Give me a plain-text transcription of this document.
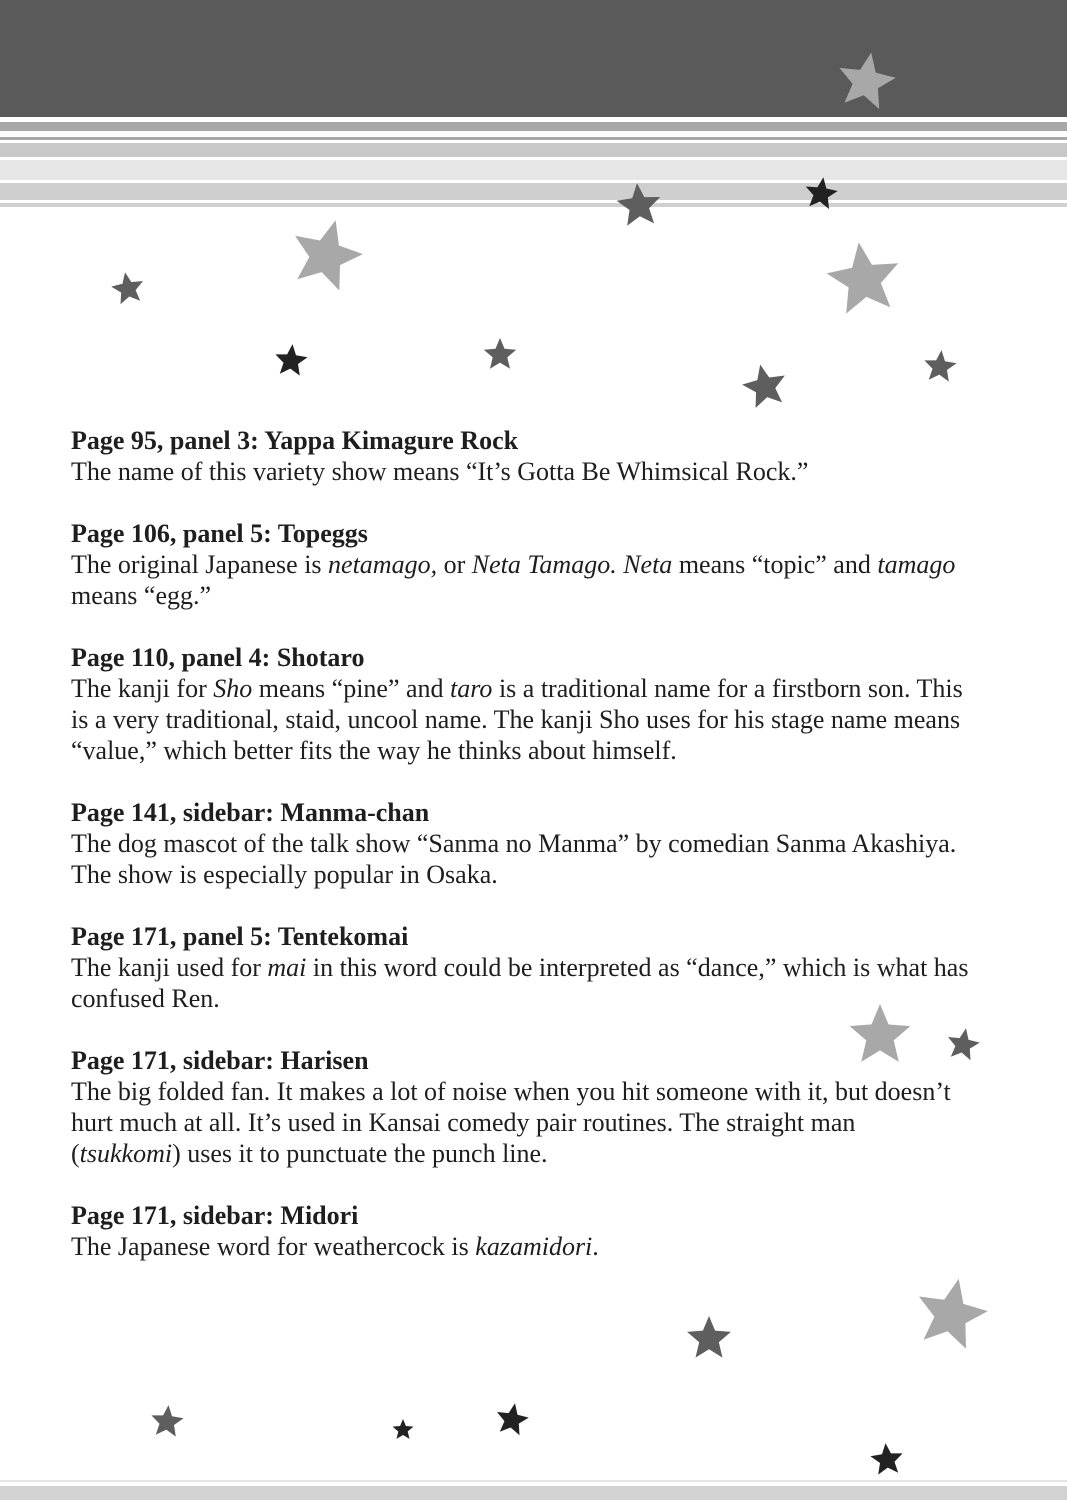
Page 95, panel 3: Yappa Kimagure Rock
The name of this variety show means “It’s Gotta Be Whimsical Rock.”
Page 106, panel 5: Topeggs
The original Japanese is netamago, or Neta Tamago. Neta means “topic” and tamago means “egg.”
Page 110, panel 4: Shotaro
The kanji for Sho means “pine” and taro is a traditional name for a firstborn son. This is a very traditional, staid, uncool name. The kanji Sho uses for his stage name means “value,” which better fits the way he thinks about himself.
Page 141, sidebar: Manma-chan
The dog mascot of the talk show “Sanma no Manma” by comedian Sanma Akashiya. The show is especially popular in Osaka.
Page 171, panel 5: Tentekomai
The kanji used for mai in this word could be interpreted as “dance,” which is what has confused Ren.
Page 171, sidebar: Harisen
The big folded fan. It makes a lot of noise when you hit someone with it, but doesn’t hurt much at all. It’s used in Kansai comedy pair routines. The straight man (tsukkomi) uses it to punctuate the punch line.
Page 171, sidebar: Midori
The Japanese word for weathercock is kazamidori.
